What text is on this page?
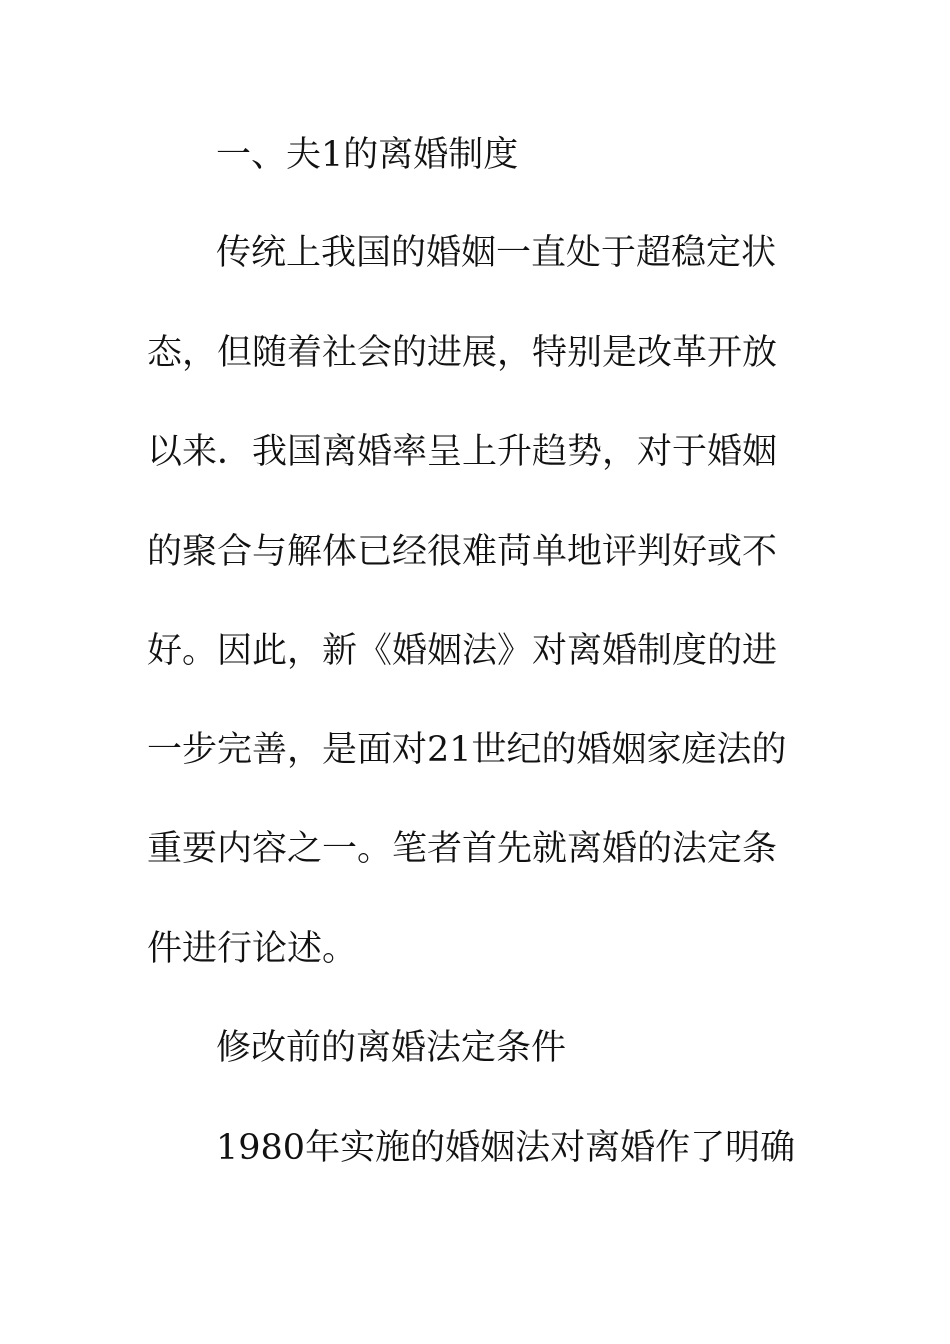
一、夫1的离婚制度
传统上我国的婚姻一直处于超稳定状
态，但随着社会的进展，特别是改革开放
以来．我国离婚率呈上升趋势，对于婚姻
的聚合与解体已经很难苘单地评判好或不
好。因此，新《婚姻法》对离婚制度的进
一步完善，是面对21世纪的婚姻家庭法的
重要内容之一。笔者首先就离婚的法定条
件进行论述。
修改前的离婚法定条件
1980年实施的婚姻法对离婚作了明确
